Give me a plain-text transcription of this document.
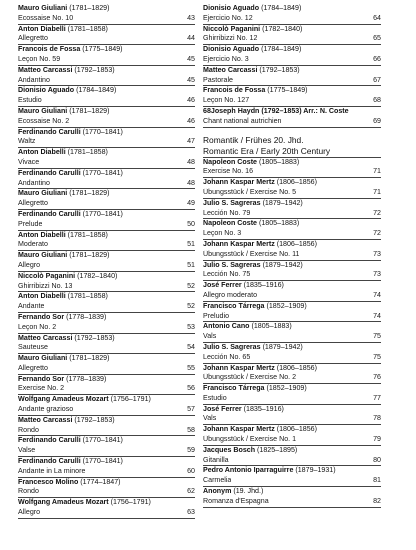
Mauro Giuliani (1781–1829)
Ecossaise No. 10	43
Anton Diabelli (1781–1858)
Allegretto	44
Francois de Fossa (1775–1849)
Leçon No. 59	45
Matteo Carcassi (1792–1853)
Andantino	45
Dionisio Aguado (1784–1849)
Estudio	46
Mauro Giuliani (1781–1829)
Ecossaise No. 2	46
Ferdinando Carulli (1770–1841)
Waltz	47
Anton Diabelli (1781–1858)
Vivace	48
Ferdinando Carulli (1770–1841)
Andantino	48
Mauro Giuliani (1781–1829)
Allegretto	49
Ferdinando Carulli (1770–1841)
Prelude	50
Anton Diabelli (1781–1858)
Moderato	51
Mauro Giuliani (1781–1829)
Allegro	51
Niccolò Paganini (1782–1840)
Ghirribizzi No. 13	52
Anton Diabelli (1781–1858)
Andante	52
Fernando Sor (1778–1839)
Leçon No. 2	53
Matteo Carcassi (1792–1853)
Sauteuse	54
Mauro Giuliani (1781–1829)
Allegretto	55
Fernando Sor (1778–1839)
Exercise No. 2	56
Wolfgang Amadeus Mozart (1756–1791)
Andante grazioso	57
Matteo Carcassi (1792–1853)
Rondo	58
Ferdinando Carulli (1770–1841)
Valse	59
Ferdinando Carulli (1770–1841)
Andante in La minore	60
Francesco Molino (1774–1847)
Rondo	62
Wolfgang Amadeus Mozart (1756–1791)
Allegro	63
Dionisio Aguado (1784–1849)
Ejercicio No. 12	64
Niccolò Paganini (1782–1840)
Ghirribizzi No. 12	65
Dionisio Aguado (1784–1849)
Ejercicio No. 3	66
Matteo Carcassi (1792–1853)
Pastorale	67
Francois de Fossa (1775–1849)
Leçon No. 127	68
68Joseph Haydn (1792–1853) Arr.: N. Coste
Chant national autrichien	69
Romantik / Frühes 20. Jhd.
Romantic Era / Early 20th Century
Napoleon Coste (1805–1883)
Exercise No. 16	71
Johann Kaspar Mertz (1806–1856)
Übungsstück / Exercise No. 5	71
Julio S. Sagreras (1879–1942)
Lección No. 79	72
Napoleon Coste (1805–1883)
Leçon No. 3	72
Johann Kaspar Mertz (1806–1856)
Übungsstück / Exercise No. 11	73
Julio S. Sagreras (1879–1942)
Lección No. 75	73
José Ferrer (1835–1916)
Allegro moderato	74
Francisco Tárrega (1852–1909)
Preludio	74
Antonio Cano (1805–1883)
Vals	75
Julio S. Sagreras (1879–1942)
Lección No. 65	75
Johann Kaspar Mertz (1806–1856)
Übungsstück / Exercise No. 2	76
Francisco Tárrega (1852–1909)
Estudio	77
José Ferrer (1835–1916)
Vals	78
Johann Kaspar Mertz (1806–1856)
Übungsstück / Exercise No. 1	79
Jacques Bosch (1825–1895)
Gitanilla	80
Pedro Antonio Iparraguirre (1879–1931)
Carmelia	81
Anonym (19. Jhd.)
Romanza d'Espagna	82
